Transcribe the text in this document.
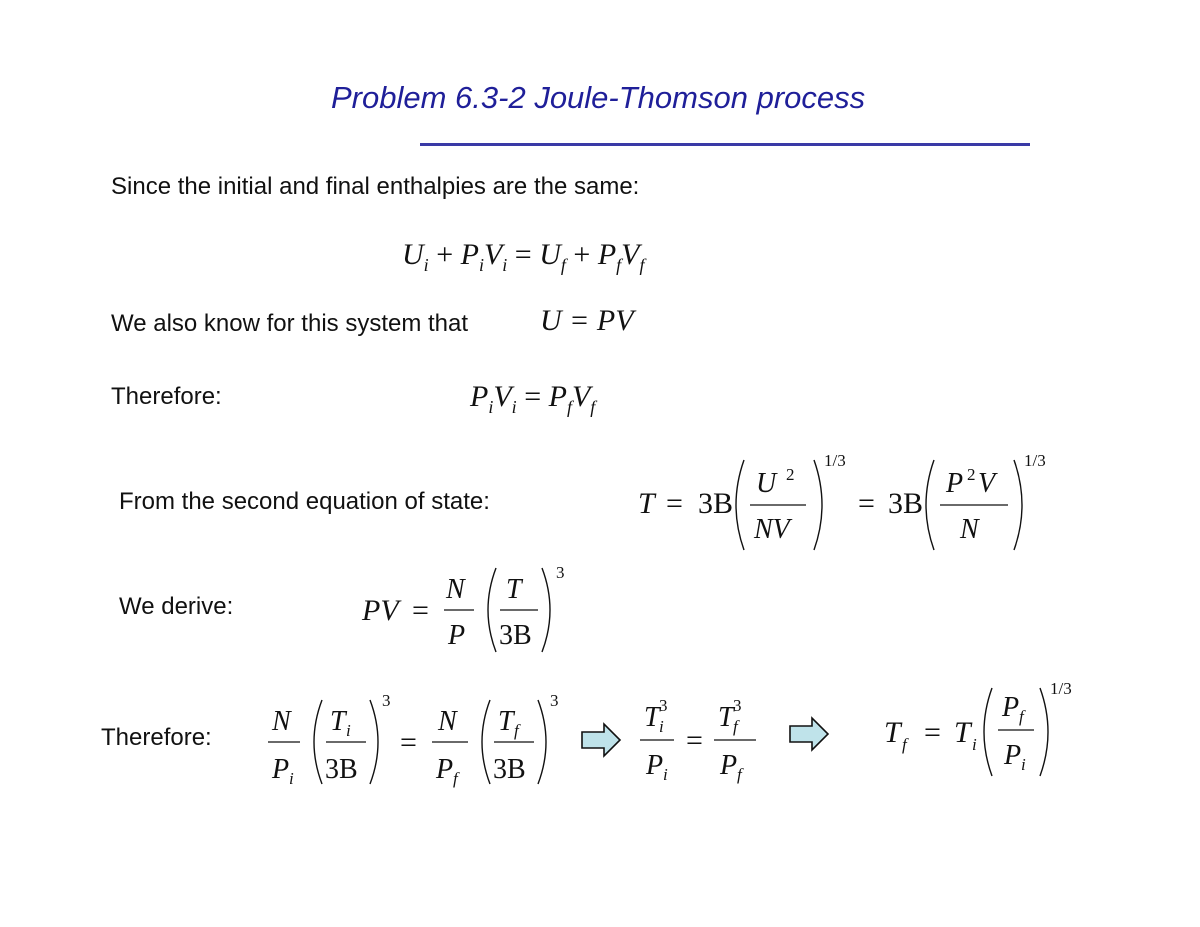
Problem 6.3-2 Joule-Thomson process
Since the initial and final enthalpies are the same:
$U_i + P_iV_i = U_f + P_fV_f$
We also know for this system that U = PV
Therefore:	$P_iV_i = P_fV_f$
From the second equation of state:	T = 3B
U 2
NV
1/3
= 3B
P 2 V
N
1/3
We derive:	PV =
N
P
T
3B
3
Therefore:
N
P i
T i
3B
3
=
N
P f
T f
3B
3
T 3
i
P i
=
T 3
f
P f
T f = T i
P f
P i
1/3
